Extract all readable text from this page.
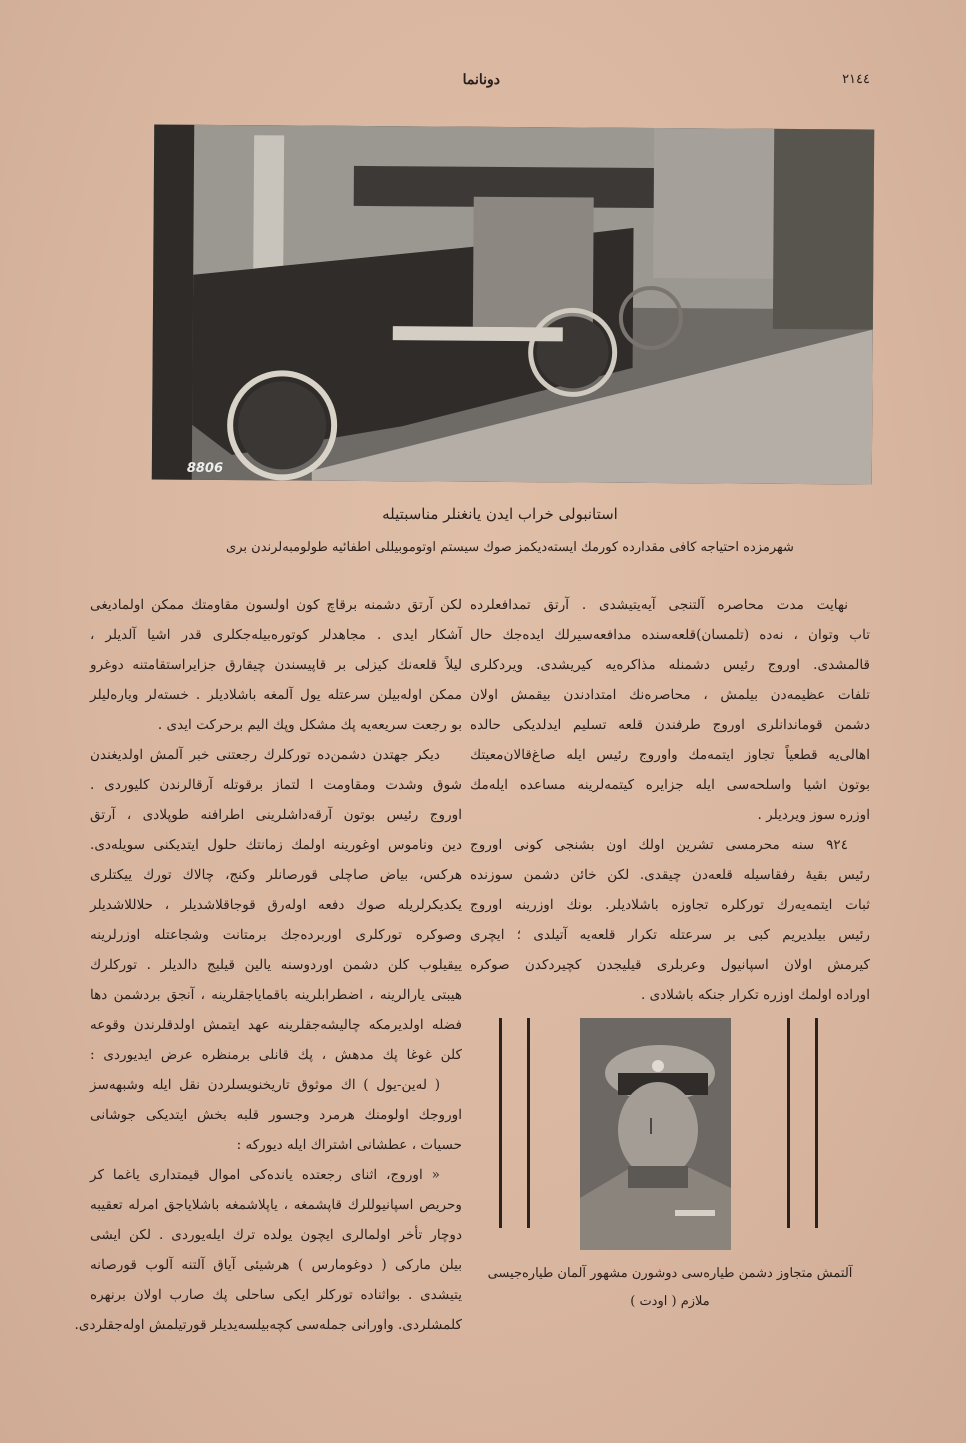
٢١٤٤
دونانما
8806
استانبولی خراب ایدن یانغنلر مناسبتیله
شهرمزده احتیاجه کافی مقدارده کورمك ایسته‌دیکمز صوك سیستم اوتوموبیللی اطفائیه طولومبه‌لرندن بری
نهایت مدت محاصره آلتنجی آیه‌یتیشدی . آرتق تمدافعلرده
تاب وتوان ، نه‌ده (تلمسان)قلعه‌سنده مدافعه‌سیرلك ایده‌جك حال
قالمشدی. اوروج رئیس دشمنله مذاکره‌یه کیریشدی. ویردکلری
تلفات عظیمه‌دن بیلمش ، محاصره‌نك امتدادندن بیقمش اولان
دشمن قوماندانلری اوروج طرفندن قلعه تسلیم ایدلدیکی حالده
اهالی‌یه قطعیاً تجاوز ایتمه‌مك واوروج رئیس ایله صاغ‌قالان‌معیتك
بوتون اشیا واسلحه‌سی ایله جزایره کیتمه‌لرینه مساعده ایله‌مك
اوزره سوز ویردیلر .
٩٢٤ سنه محرمسی تشرین اولك اون بشنجی کونی اوروج
رئیس بقیهٔ رفقاسیله قلعه‌دن چیقدی. لکن خائن دشمن سوزنده
ثبات ایتمه‌یه‌رك تورکلره تجاوزه باشلادیلر. بونك اوزرینه اوروج
رئیس بیلدیریم کبی بر سرعتله تکرار قلعه‌یه آتیلدی ؛ ایچری
کیرمش اولان اسپانیول وعربلری قیلیجدن کچیردکدن صوکره
اوراده اولمك اوزره تکرار جنکه باشلادی .
لکن آرتق دشمنه برقاچ کون اولسون مقاومتك ممکن اولمادیغی
آشکار ایدی . مجاهدلر کوتوره‌بیله‌جکلری قدر اشیا آلدیلر ،
لیلاً قلعه‌نك کیزلی بر قاپیسندن چیقارق جزایراستقامتنه دوغرو
ممکن اوله‌بیلن سرعتله یول آلمغه باشلادیلر . خسته‌لر ویاره‌لیلر
بو رجعت سریعه‌یه پك مشکل وپك الیم برحرکت ایدی .
دیکر جهتدن دشمن‌ده تورکلرك رجعتنی خبر آلمش اولدیغندن
شوق وشدت ومقاومت ا لتماز برقوتله آرقالرندن کلیوردی .
اوروج رئیس بوتون آرقه‌داشلرینی اطرافنه طوپلادی ، آرتق
دین وناموس اوغورینه اولمك زمانتك حلول ایتدیکنی سویله‌دی.
هرکس، بیاض صاچلی قورصانلر وکنج، چالاك تورك ییکتلری
یکدیکرلریله صوك دفعه اوله‌رق قوجاقلاشدیلر ، حلاللاشدیلر
وصوکره تورکلری اوربرده‌جك برمتانت وشجاعتله اوزرلرینه
ییقیلوب کلن دشمن اوردوسنه یالین قیلیج دالدیلر . تورکلرك
هیبتی یارالرینه ، اضطرابلرینه باقمایاجقلرینه ، آنجق بردشمن دها
فضله اولدیرمکه چالیشه‌جقلرینه عهد ایتمش اولدقلرندن وقوعه
کلن غوغا پك مدهش ، پك قانلی برمنظره عرض ایدیوردی :
( له‌ین-یول ) اك موثوق تاریخنویسلردن نقل ایله وشبهه‌سز
اوروجك اولومنك هرمرد وجسور قلبه بخش ایتدیکی جوشانی
حسیات ، عطشانی اشتراك ایله دیورکه :
« اوروج، اثنای رجعتده یانده‌کی اموال قیمتداری یاغما کر
وحریص اسپانیوللرك قاپشمغه ، یاپلاشمغه باشلایاجق امرله تعقیبه
دوچار تأخر اولمالری ایچون یولده ترك ایله‌یوردی . لکن ایشی
بیلن مارکی ( دوغومارس ) هرشیئی آیاق آلتنه آلوب قورصانه
یتیشدی . بواثناده تورکلر ایکی ساحلی پك صارب اولان برنهره
کلمشلردی. واورانی جمله‌سی کچه‌بیلسه‌یدیلر قورتیلمش اوله‌جقلردی.
آلتمش متجاوز دشمن طیاره‌سی دوشورن مشهور آلمان طیاره‌جیسی
ملازم ( اودت )
